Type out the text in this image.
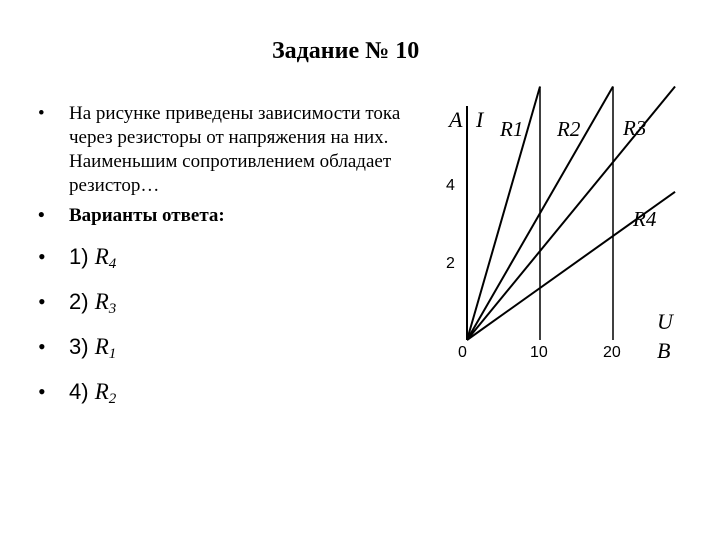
Задание № 10
• На рисунке приведены зависимости тока через резисторы от напряжения на них. Наименьшим сопротивлением обладает резистор…
• Варианты ответа:
• 1) R4
• 2) R3
• 3) R1
• 4) R2
A I
U
B
R1 R2 R3
R4
2
4
0	10	20
